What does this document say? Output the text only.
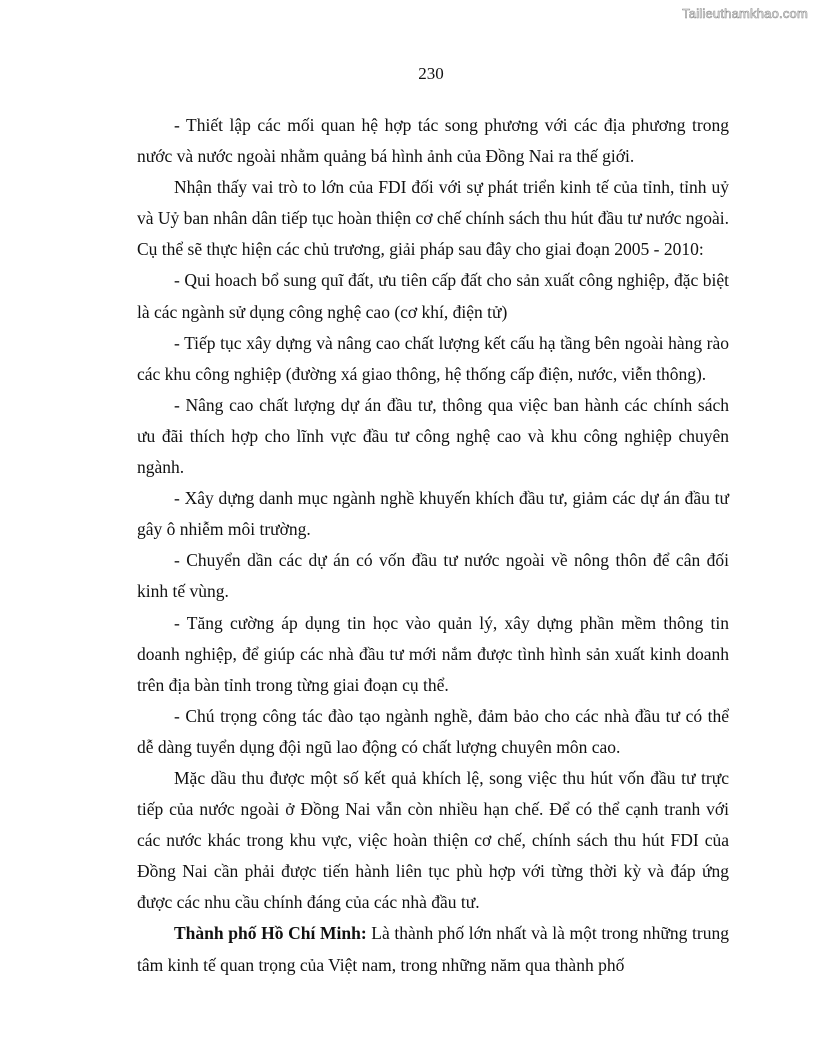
Tailieuthamkhao.com
230

- Thiết lập các mối quan hệ hợp tác song phương với các địa phương trong nước và nước ngoài nhằm quảng bá hình ảnh của Đồng Nai ra thế giới.

Nhận thấy vai trò to lớn của FDI đối với sự phát triển kinh tế của tỉnh, tỉnh uỷ và Uỷ ban nhân dân tiếp tục hoàn thiện cơ chế chính sách thu hút đầu tư nước ngoài. Cụ thể sẽ thực hiện các chủ trương, giải pháp sau đây cho giai đoạn 2005 - 2010:

- Qui hoach bổ sung quĩ đất, ưu tiên cấp đất cho sản xuất công nghiệp, đặc biệt là các ngành sử dụng công nghệ cao (cơ khí, điện tử)

- Tiếp tục xây dựng và nâng cao chất lượng kết cấu hạ tầng bên ngoài hàng rào các khu công nghiệp (đường xá giao thông, hệ thống cấp điện, nước, viễn thông).

- Nâng cao chất lượng dự án đầu tư, thông qua việc ban hành các chính sách ưu đãi thích hợp cho lĩnh vực đầu tư công nghệ cao và khu công nghiệp chuyên ngành.

- Xây dựng danh mục ngành nghề khuyến khích đầu tư, giảm các dự án đầu tư gây ô nhiễm môi trường.

- Chuyển dần các dự án có vốn đầu tư nước ngoài về nông thôn để cân đối kinh tế vùng.

- Tăng cường áp dụng tin học vào quản lý, xây dựng phần mềm thông tin doanh nghiệp, để giúp các nhà đầu tư mới nắm được tình hình sản xuất kinh doanh trên địa bàn tỉnh trong từng giai đoạn cụ thể.

- Chú trọng công tác đào tạo ngành nghề, đảm bảo cho các nhà đầu tư có thể dễ dàng tuyển dụng đội ngũ lao động có chất lượng chuyên môn cao.

Mặc dầu thu được một số kết quả khích lệ, song việc thu hút vốn đầu tư trực tiếp của nước ngoài ở Đồng Nai vẫn còn nhiều hạn chế. Để có thể cạnh tranh với các nước khác trong khu vực, việc hoàn thiện cơ chế, chính sách thu hút FDI của Đồng Nai cần phải được tiến hành liên tục phù hợp với từng thời kỳ và đáp ứng được các nhu cầu chính đáng của các nhà đầu tư.

Thành phố Hồ Chí Minh: Là thành phố lớn nhất và là một trong những trung tâm kinh tế quan trọng của Việt nam, trong những năm qua thành phố
